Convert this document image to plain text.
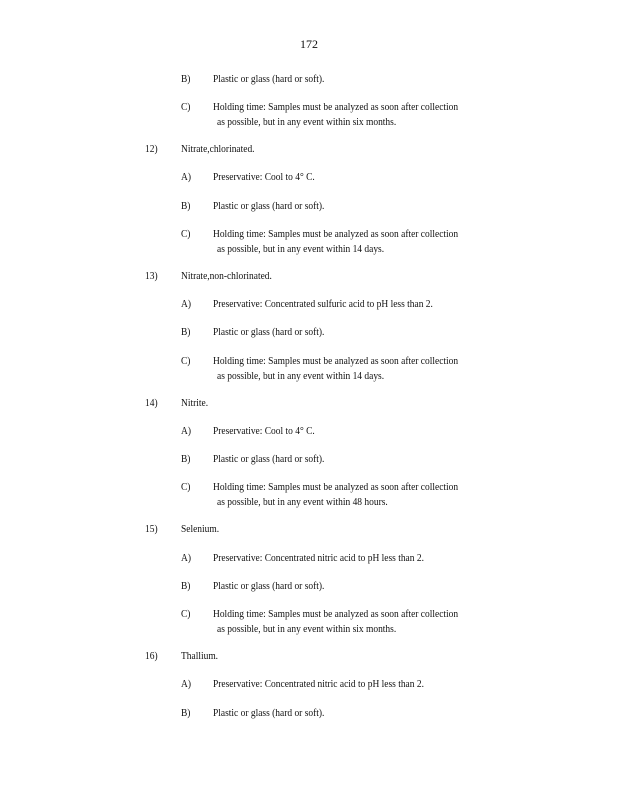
172
B) Plastic or glass (hard or soft).
C) Holding time: Samples must be analyzed as soon after collection
as possible, but in any event within six months.
12) Nitrate,chlorinated.
A) Preservative: Cool to 4° C.
B) Plastic or glass (hard or soft).
C) Holding time: Samples must be analyzed as soon after collection
as possible, but in any event within 14 days.
13) Nitrate,non-chlorinated.
A) Preservative: Concentrated sulfuric acid to pH less than 2.
B) Plastic or glass (hard or soft).
C) Holding time: Samples must be analyzed as soon after collection
as possible, but in any event within 14 days.
14) Nitrite.
A) Preservative: Cool to 4° C.
B) Plastic or glass (hard or soft).
C) Holding time: Samples must be analyzed as soon after collection
as possible, but in any event within 48 hours.
15) Selenium.
A) Preservative: Concentrated nitric acid to pH less than 2.
B) Plastic or glass (hard or soft).
C) Holding time: Samples must be analyzed as soon after collection
as possible, but in any event within six months.
16) Thallium.
A) Preservative: Concentrated nitric acid to pH less than 2.
B) Plastic or glass (hard or soft).
